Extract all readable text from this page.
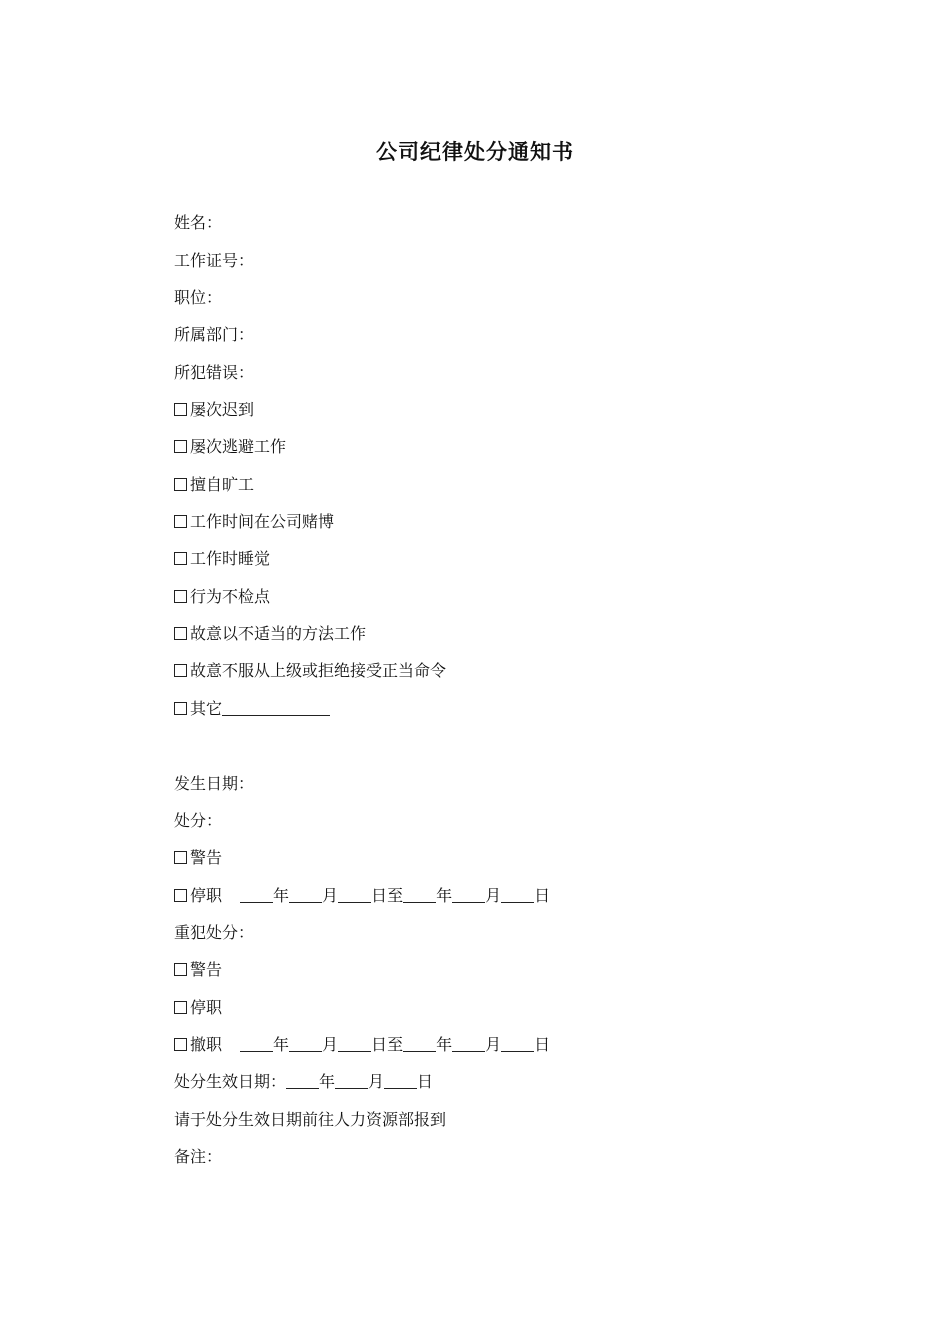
公司纪律处分通知书
姓名：
工作证号：
职位：
所属部门：
所犯错误：
屡次迟到
屡次逃避工作
擅自旷工
工作时间在公司赌博
工作时睡觉
行为不检点
故意以不适当的方法工作
故意不服从上级或拒绝接受正当命令
其它
发生日期：
处分：
警告
停职	年 月 日至 年 月 日
重犯处分：
警告
停职
撤职	年 月 日至 年 月 日
处分生效日期： 年 月 日
请于处分生效日期前往人力资源部报到
备注：
